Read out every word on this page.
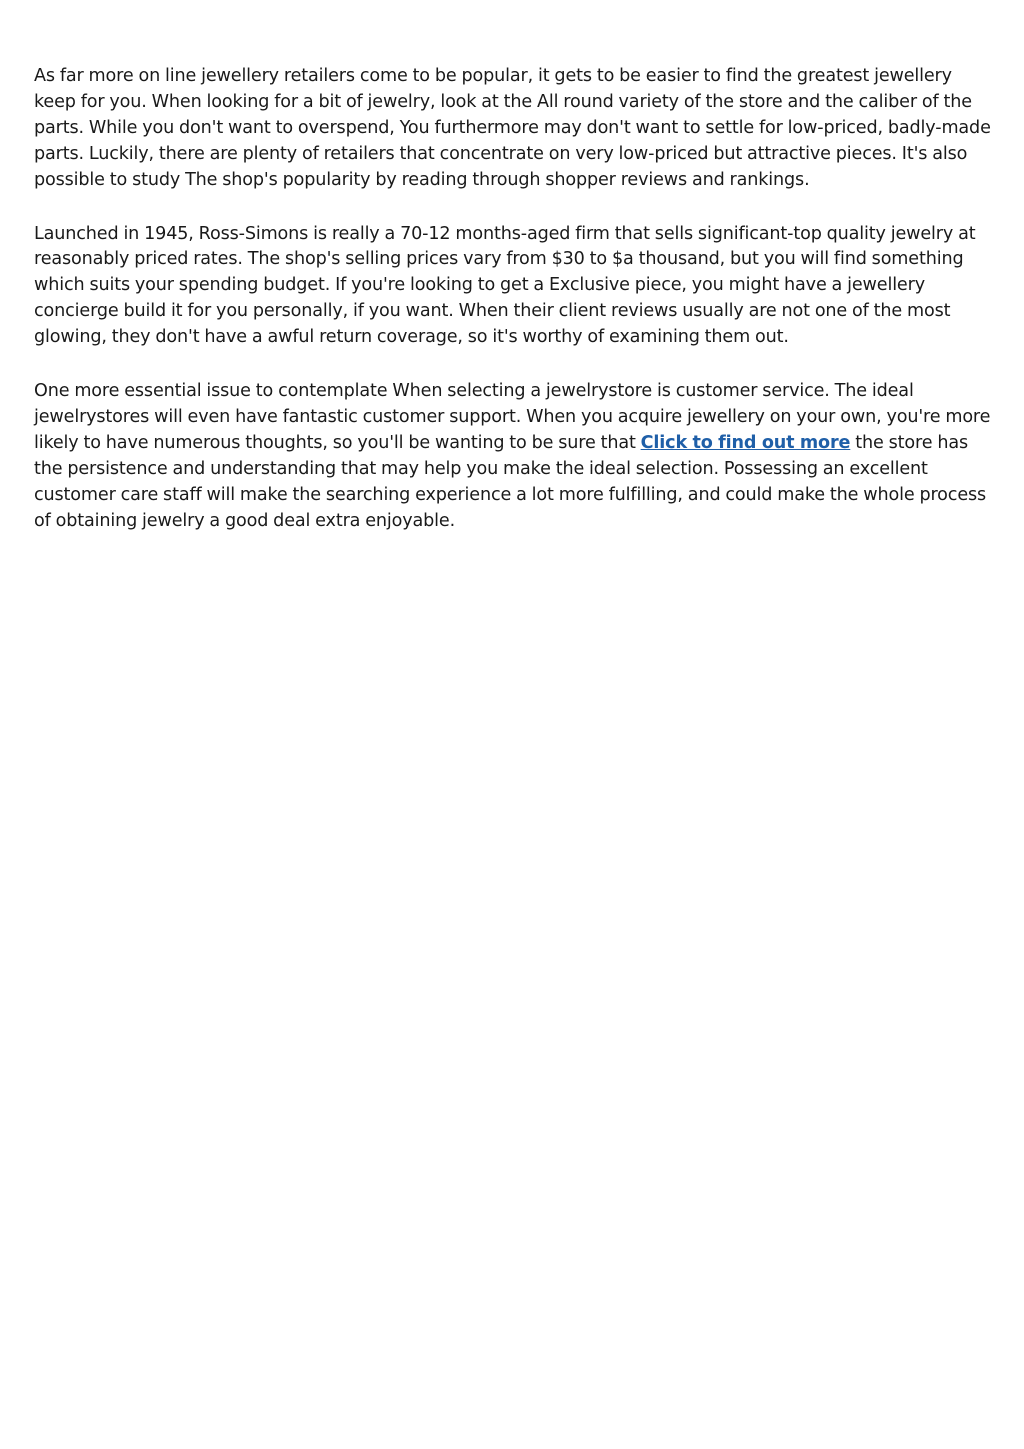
As far more on line jewellery retailers come to be popular, it gets to be easier to find the greatest jewellery keep for you. When looking for a bit of jewelry, look at the All round variety of the store and the caliber of the parts. While you don't want to overspend, You furthermore may don't want to settle for low-priced, badly-made parts. Luckily, there are plenty of retailers that concentrate on very low-priced but attractive pieces. It's also possible to study The shop's popularity by reading through shopper reviews and rankings.

Launched in 1945, Ross-Simons is really a 70-12 months-aged firm that sells significant-top quality jewelry at reasonably priced rates. The shop's selling prices vary from $30 to $a thousand, but you will find something which suits your spending budget. If you're looking to get a Exclusive piece, you might have a jewellery concierge build it for you personally, if you want. When their client reviews usually are not one of the most glowing, they don't have a awful return coverage, so it's worthy of examining them out.

One more essential issue to contemplate When selecting a jewelrystore is customer service. The ideal jewelrystores will even have fantastic customer support. When you acquire jewellery on your own, you're more likely to have numerous thoughts, so you'll be wanting to be sure that Click to find out more the store has the persistence and understanding that may help you make the ideal selection. Possessing an excellent customer care staff will make the searching experience a lot more fulfilling, and could make the whole process of obtaining jewelry a good deal extra enjoyable.
